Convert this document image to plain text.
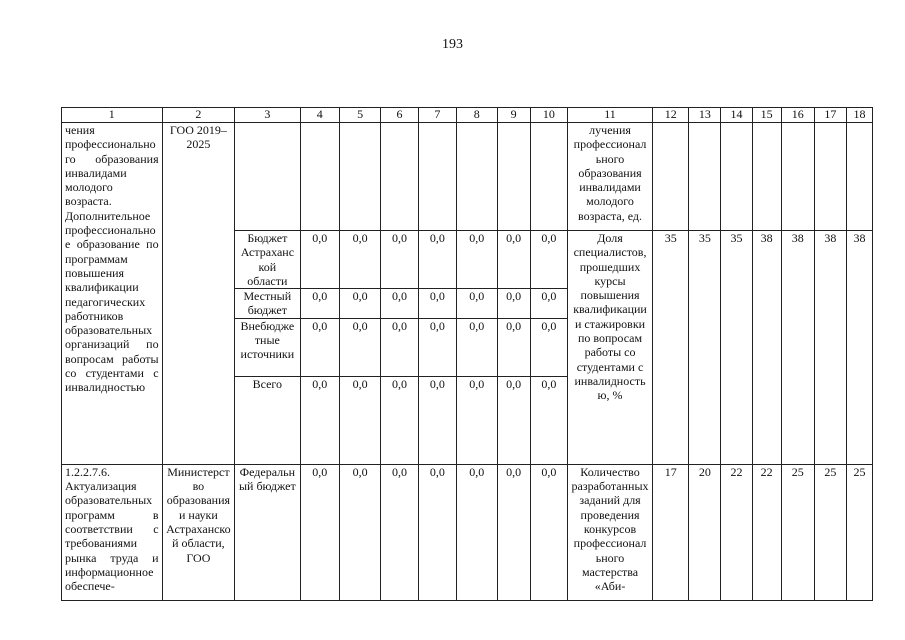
193
1	2	3	4	5	6	7	8	9	10	11	12	13	14	15	16	17	18
чения профессионального образования инвалидами молодого возраста. Дополнительное профессиональное образование по программам повышения квалификации педагогических работников образовательных организаций по вопросам работы со студентами с инвалидностью	ГОО 2019–2025									лучения профессионального образования инвалидами молодого возраста, ед.							
		Бюджет Астраханской области	0,0	0,0	0,0	0,0	0,0	0,0	0,0	Доля специалистов, прошедших курсы повышения квалификации и стажировки по вопросам работы со студентами с инвалидностью, %	35	35	35	38	38	38	38
		Местный бюджет	0,0	0,0	0,0	0,0	0,0	0,0	0,0								
		Внебюджетные источники	0,0	0,0	0,0	0,0	0,0	0,0	0,0								
		Всего	0,0	0,0	0,0	0,0	0,0	0,0	0,0								
1.2.2.7.6. Актуализация образовательных программ в соответствии с требованиями рынка труда и информационное обеспече-	Министерство образования и науки Астраханской области, ГОО	Федеральный бюджет	0,0	0,0	0,0	0,0	0,0	0,0	0,0	Количество разработанных заданий для проведения конкурсов профессионального мастерства «Аби-	17	20	22	22	25	25	25
